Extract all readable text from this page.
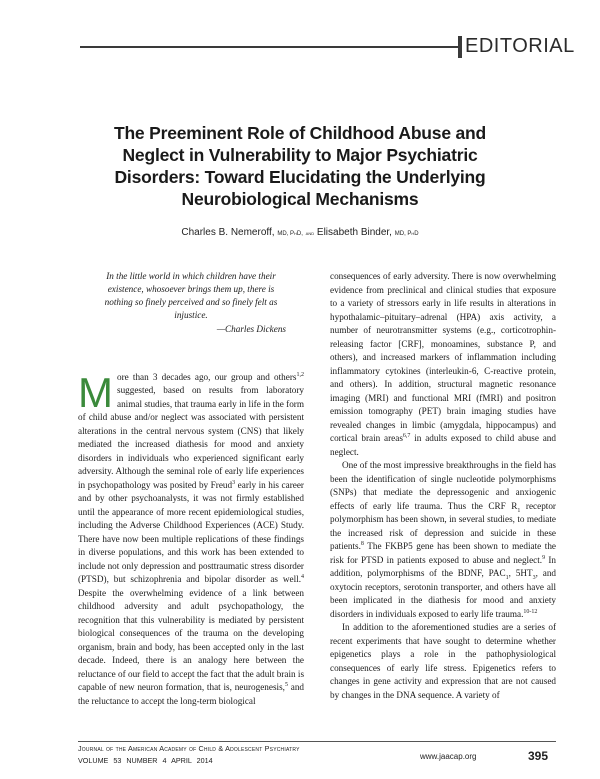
EDITORIAL
The Preeminent Role of Childhood Abuse and
Neglect in Vulnerability to Major Psychiatric
Disorders: Toward Elucidating the Underlying
Neurobiological Mechanisms
Charles B. Nemeroff, MD, PhD, and Elisabeth Binder, MD, PhD
In the little world in which children have their existence, whosoever brings them up, there is nothing so finely perceived and so finely felt as injustice.
—Charles Dickens

More than 3 decades ago, our group and others$^{1,2}$ suggested, based on results from laboratory animal studies, that trauma early in life in the form of child abuse and/or neglect was associated with persistent alterations in the central nervous system (CNS) that likely mediated the increased diathesis for mood and anxiety disorders in individuals who experienced significant early adversity. Although the seminal role of early life experiences in psychopathology was posited by Freud$^3$ early in his career and by other psychoanalysts, it was not firmly established until the appearance of more recent epidemiological studies, including the Adverse Childhood Experiences (ACE) Study. There have now been multiple replications of these findings in diverse populations, and this work has been extended to include not only depression and posttraumatic stress disorder (PTSD), but schizophrenia and bipolar disorder as well.$^4$ Despite the overwhelming evidence of a link between childhood adversity and adult psychopathology, the recognition that this vulnerability is mediated by persistent biological consequences of the trauma on the developing organism, brain and body, has been accepted only in the last decade. Indeed, there is an analogy here between the reluctance of our field to accept the fact that the adult brain is capable of new neuron formation, that is, neurogenesis,$^5$ and the reluctance to accept the long-term biological

consequences of early adversity. There is now overwhelming evidence from preclinical and clinical studies that exposure to a variety of stressors early in life results in alterations in hypothalamic–pituitary–adrenal (HPA) axis activity, a number of neurotransmitter systems (e.g., corticotrophin-releasing factor [CRF], monoamines, substance P, and others), and increased markers of inflammation including inflammatory cytokines (interleukin-6, C-reactive protein, and others). In addition, structural magnetic resonance imaging (MRI) and functional MRI (fMRI) and positron emission tomography (PET) brain imaging studies have revealed changes in limbic (amygdala, hippocampus) and cortical brain areas$^{6,7}$ in adults exposed to child abuse and neglect.

One of the most impressive breakthroughs in the field has been the identification of single nucleotide polymorphisms (SNPs) that mediate the depressogenic and anxiogenic effects of early life trauma. Thus the CRF $R_1$ receptor polymorphism has been shown, in several studies, to mediate the increased risk of depression and suicide in these patients.$^8$ The FKBP5 gene has been shown to mediate the risk for PTSD in patients exposed to abuse and neglect.$^9$ In addition, polymorphisms of the BDNF, $PAC_1$, $5HT_3$, and oxytocin receptors, serotonin transporter, and others have all been implicated in the diathesis for mood and anxiety disorders in individuals exposed to early life trauma.$^{10-12}$

In addition to the aforementioned studies are a series of recent experiments that have sought to determine whether epigenetics plays a role in the pathophysiological consequences of early life stress. Epigenetics refers to changes in gene activity and expression that are not caused by changes in the DNA sequence. A variety of

Journal of the American Academy of Child & Adolescent Psychiatry
VOLUME 53 NUMBER 4 APRIL 2014	www.jaacap.org	395
